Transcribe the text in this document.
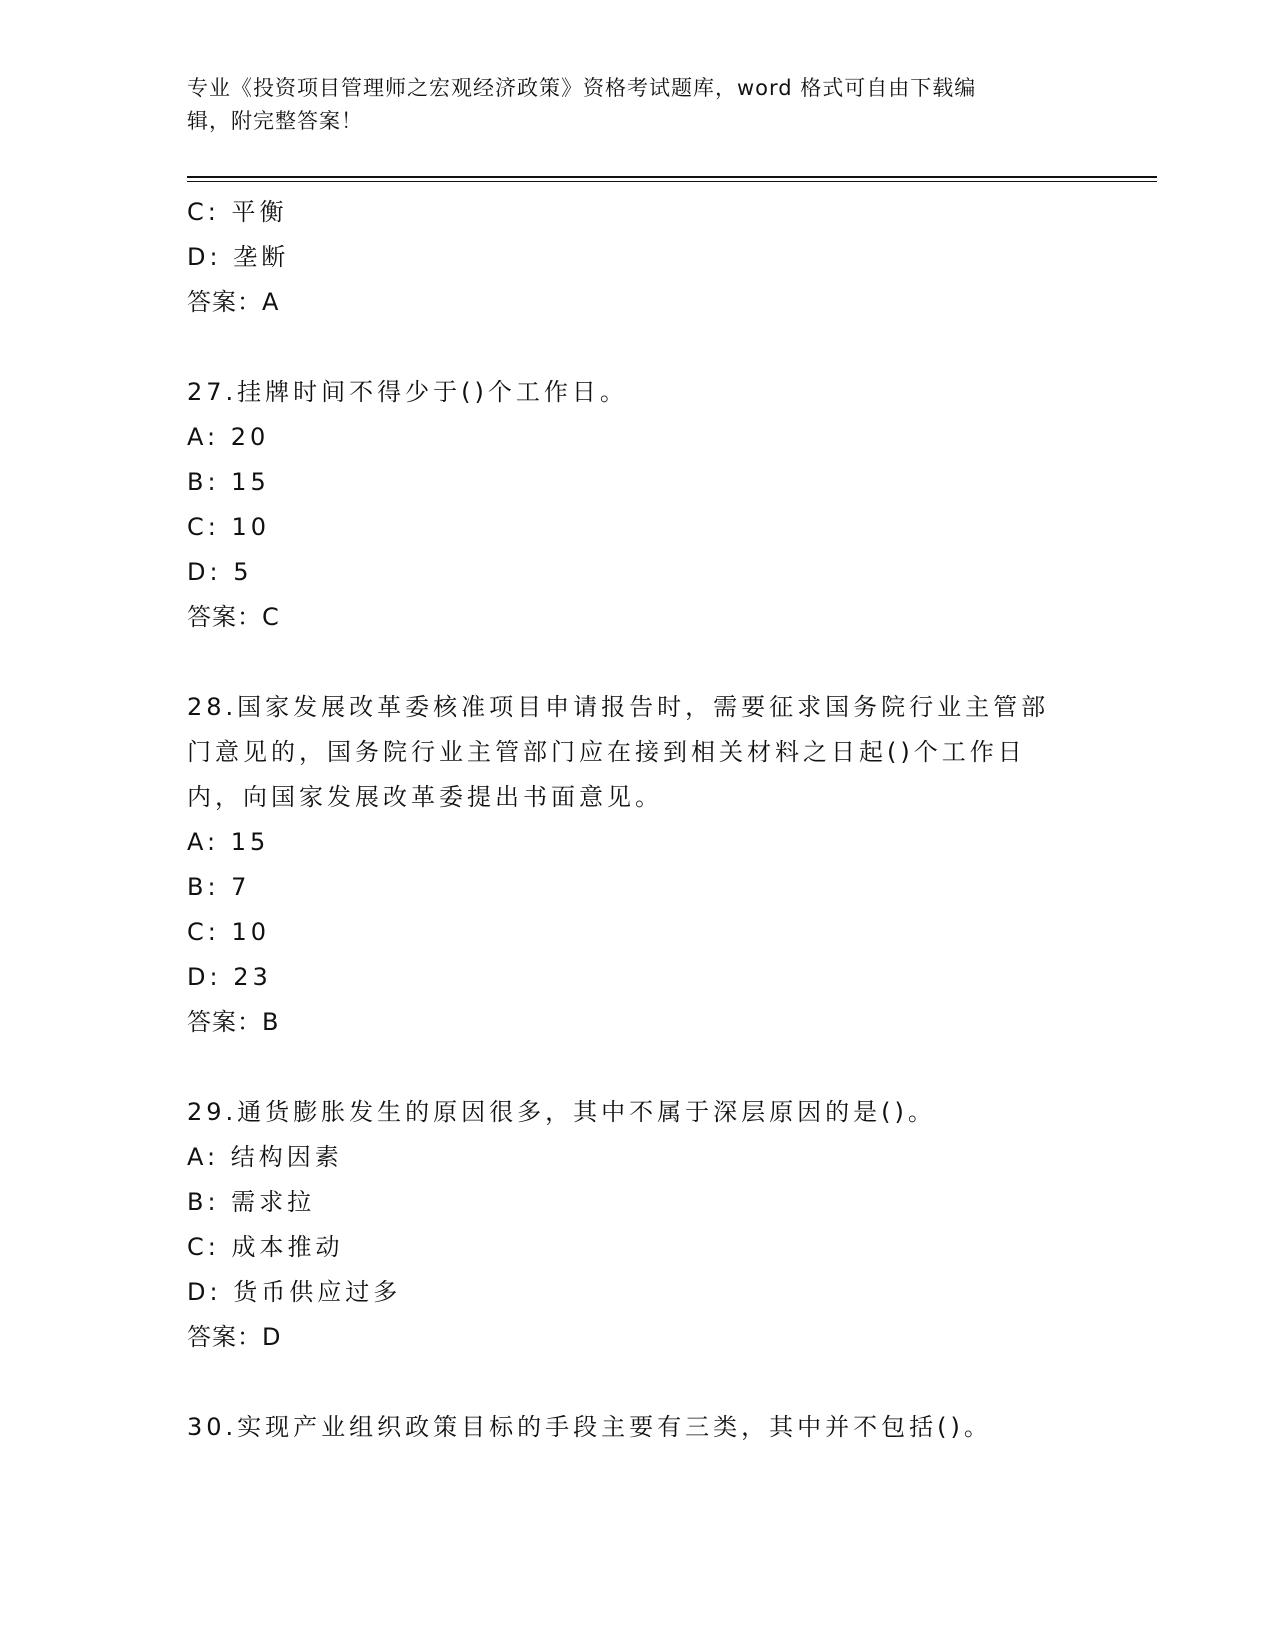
专业《投资项目管理师之宏观经济政策》资格考试题库，word 格式可自由下载编
辑，附完整答案！
C: 平衡
D: 垄断
答案：A
27.挂牌时间不得少于()个工作日。
A: 20
B: 15
C: 10
D: 5
答案：C
28.国家发展改革委核准项目申请报告时，需要征求国务院行业主管部
门意见的，国务院行业主管部门应在接到相关材料之日起()个工作日
内，向国家发展改革委提出书面意见。
A: 15
B: 7
C: 10
D: 23
答案：B
29.通货膨胀发生的原因很多，其中不属于深层原因的是()。
A: 结构因素
B: 需求拉
C: 成本推动
D: 货币供应过多
答案：D
30.实现产业组织政策目标的手段主要有三类，其中并不包括()。
